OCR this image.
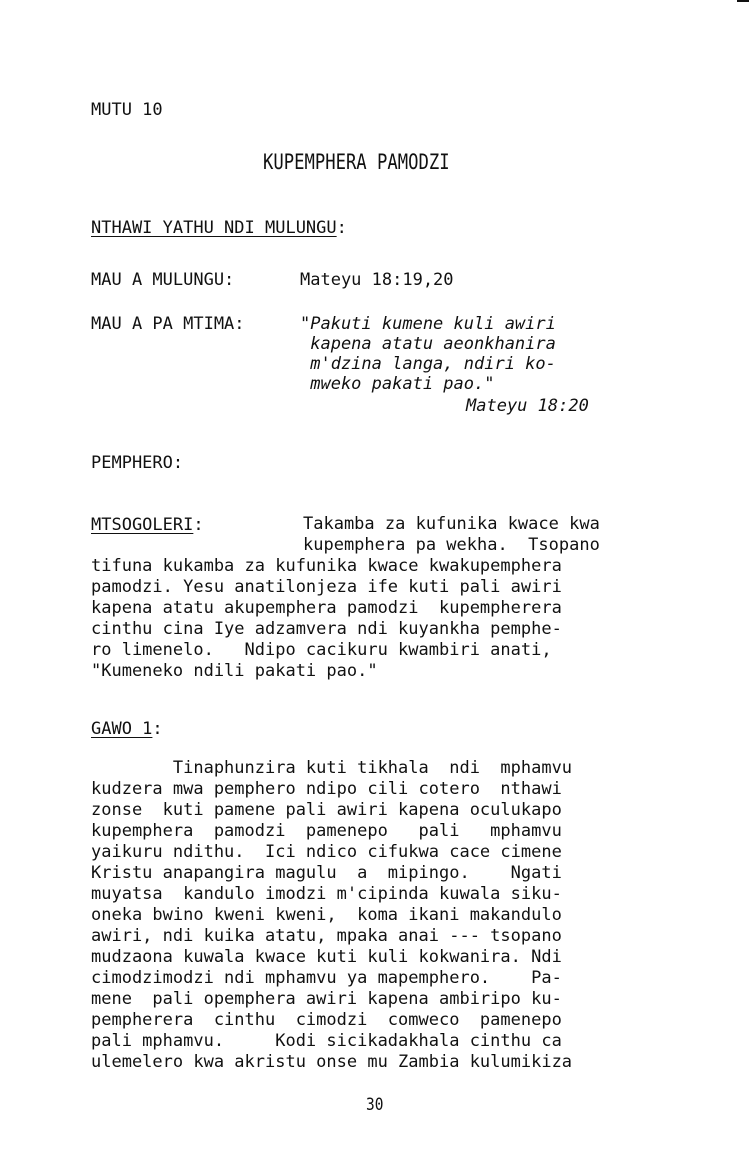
MUTU 10
KUPEMPHERA PAMODZI
NTHAWI YATHU NDI MULUNGU:
MAU A MULUNGU:	Mateyu 18:19,20
MAU A PA MTIMA:	"Pakuti kumene kuli awiri
kapena atatu aeonkhanira
m'dzina langa, ndiri ko-
mweko pakati pao."
Mateyu 18:20
PEMPHERO:
MTSOGOLERI:	Takamba za kufunika kwace kwa
kupemphera pa wekha.  Tsopano
tifuna kukamba za kufunika kwace kwakupemphera
pamodzi. Yesu anatilonjeza ife kuti pali awiri
kapena atatu akupemphera pamodzi  kupempherera
cinthu cina Iye adzamvera ndi kuyankha pemphe-
ro limenelo.   Ndipo cacikuru kwambiri anati,
"Kumeneko ndili pakati pao."
GAWO 1:
Tinaphunzira kuti tikhala  ndi  mphamvu
kudzera mwa pemphero ndipo cili cotero  nthawi
zonse  kuti pamene pali awiri kapena oculukapo
kupemphera  pamodzi  pamenepo   pali   mphamvu
yaikuru ndithu.  Ici ndico cifukwa cace cimene
Kristu anapangira magulu  a  mipingo.    Ngati
muyatsa  kandulo imodzi m'cipinda kuwala siku-
oneka bwino kweni kweni,  koma ikani makandulo
awiri, ndi kuika atatu, mpaka anai --- tsopano
mudzaona kuwala kwace kuti kuli kokwanira. Ndi
cimodzimodzi ndi mphamvu ya mapemphero.    Pa-
mene  pali opemphera awiri kapena ambiripo ku-
pempherera  cinthu  cimodzi  comweco  pamenepo
pali mphamvu.     Kodi sicikadakhala cinthu ca
ulemelero kwa akristu onse mu Zambia kulumikiza
30
